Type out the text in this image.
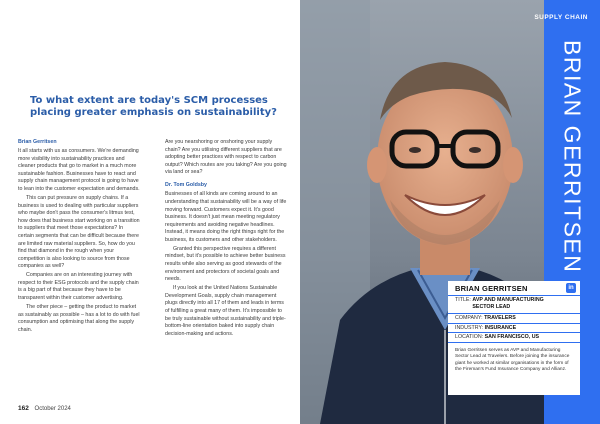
To what extent are today's SCM processes placing greater emphasis on sustainability?

Brian Gerritsen

It all starts with us as consumers. We're demanding more visibility into sustainability practices and cleaner products that go to market in a much more sustainable fashion. Businesses have to react and supply chain management protocol is going to have to lean into the customer expectation and demands.

This can put pressure on supply chains. If a business is used to dealing with particular suppliers who maybe don't pass the consumer's litmus test, how does that business start working on a transition to suppliers that meet those expectations? In certain segments that can be difficult because there are limited raw material suppliers. So, how do you find that diamond in the rough when your competition is also looking to source from those companies as well?

Companies are on an interesting journey with respect to their ESG protocols and the supply chain is a big part of that because they have to be transparent within their customer advertising.

The other piece – getting the product to market as sustainably as possible – has a lot to do with fuel consumption and optimising that along the supply chain.

Are you nearshoring or onshoring your supply chain? Are you utilising different suppliers that are adopting better practices with respect to carbon output? Which routes are you taking? Are you going via land or sea?

Dr. Tom Goldsby

Businesses of all kinds are coming around to an understanding that sustainability will be a way of life moving forward. Customers expect it. It's good business. It doesn't just mean meeting regulatory requirements and avoiding negative headlines. Instead, it means doing the right things right for the business, its customers and other stakeholders.

Granted this perspective requires a different mindset, but it's possible to achieve better business results while also serving as good stewards of the environment and protectors of societal goals and needs.

If you look at the United Nations Sustainable Development Goals, supply chain management plugs directly into all 17 of them and leads in terms of fulfilling a great many of them. It's impossible to be truly sustainable without sustainability and triple-bottom-line orientation baked into supply chain decision-making and actions.

162 October 2024
SUPPLY CHAIN
BRIAN GERRITSEN
BRIAN GERRITSEN	in
TITLE: AVP AND MANUFACTURING SECTOR LEAD
COMPANY: TRAVELERS
INDUSTRY: INSURANCE
LOCATION: SAN FRANCISCO, US
Brian Gerritsen serves as AVP and Manufacturing Sector Lead at Travelers. Before joining the insurance giant he worked at similar organisations in the form of the Fireman's Fund Insurance Company and Allianz.
